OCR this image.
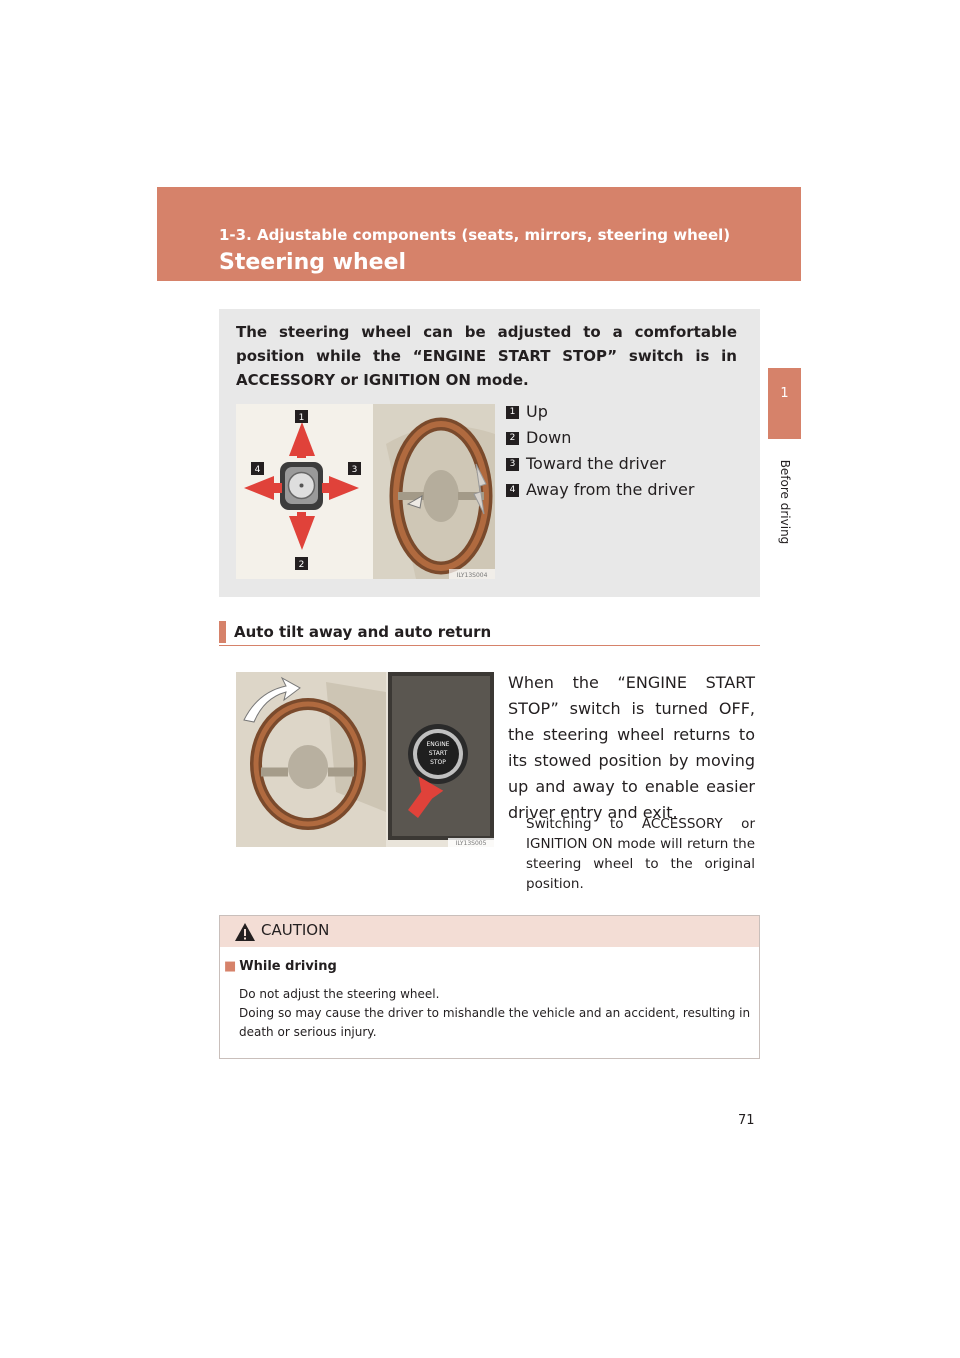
1-3. Adjustable components (seats, mirrors, steering wheel)
Steering wheel
1
Before driving
The steering wheel can be adjusted to a comfortable position while the “ENGINE START STOP” switch is in ACCESSORY or IGNITION ON mode.
1
2
3
4
ILY13S004
1 Up
2 Down
3 Toward the driver
4 Away from the driver
Auto tilt away and auto return
ENGINE
START
STOP
ILY13S005
When the “ENGINE START STOP” switch is turned OFF, the steering wheel returns to its stowed position by moving up and away to enable easier driver entry and exit.
Switching to ACCESSORY or IGNITION ON mode will return the steering wheel to the original position.
CAUTION
■ While driving
Do not adjust the steering wheel.
Doing so may cause the driver to mishandle the vehicle and an accident, resulting in death or serious injury.
71
